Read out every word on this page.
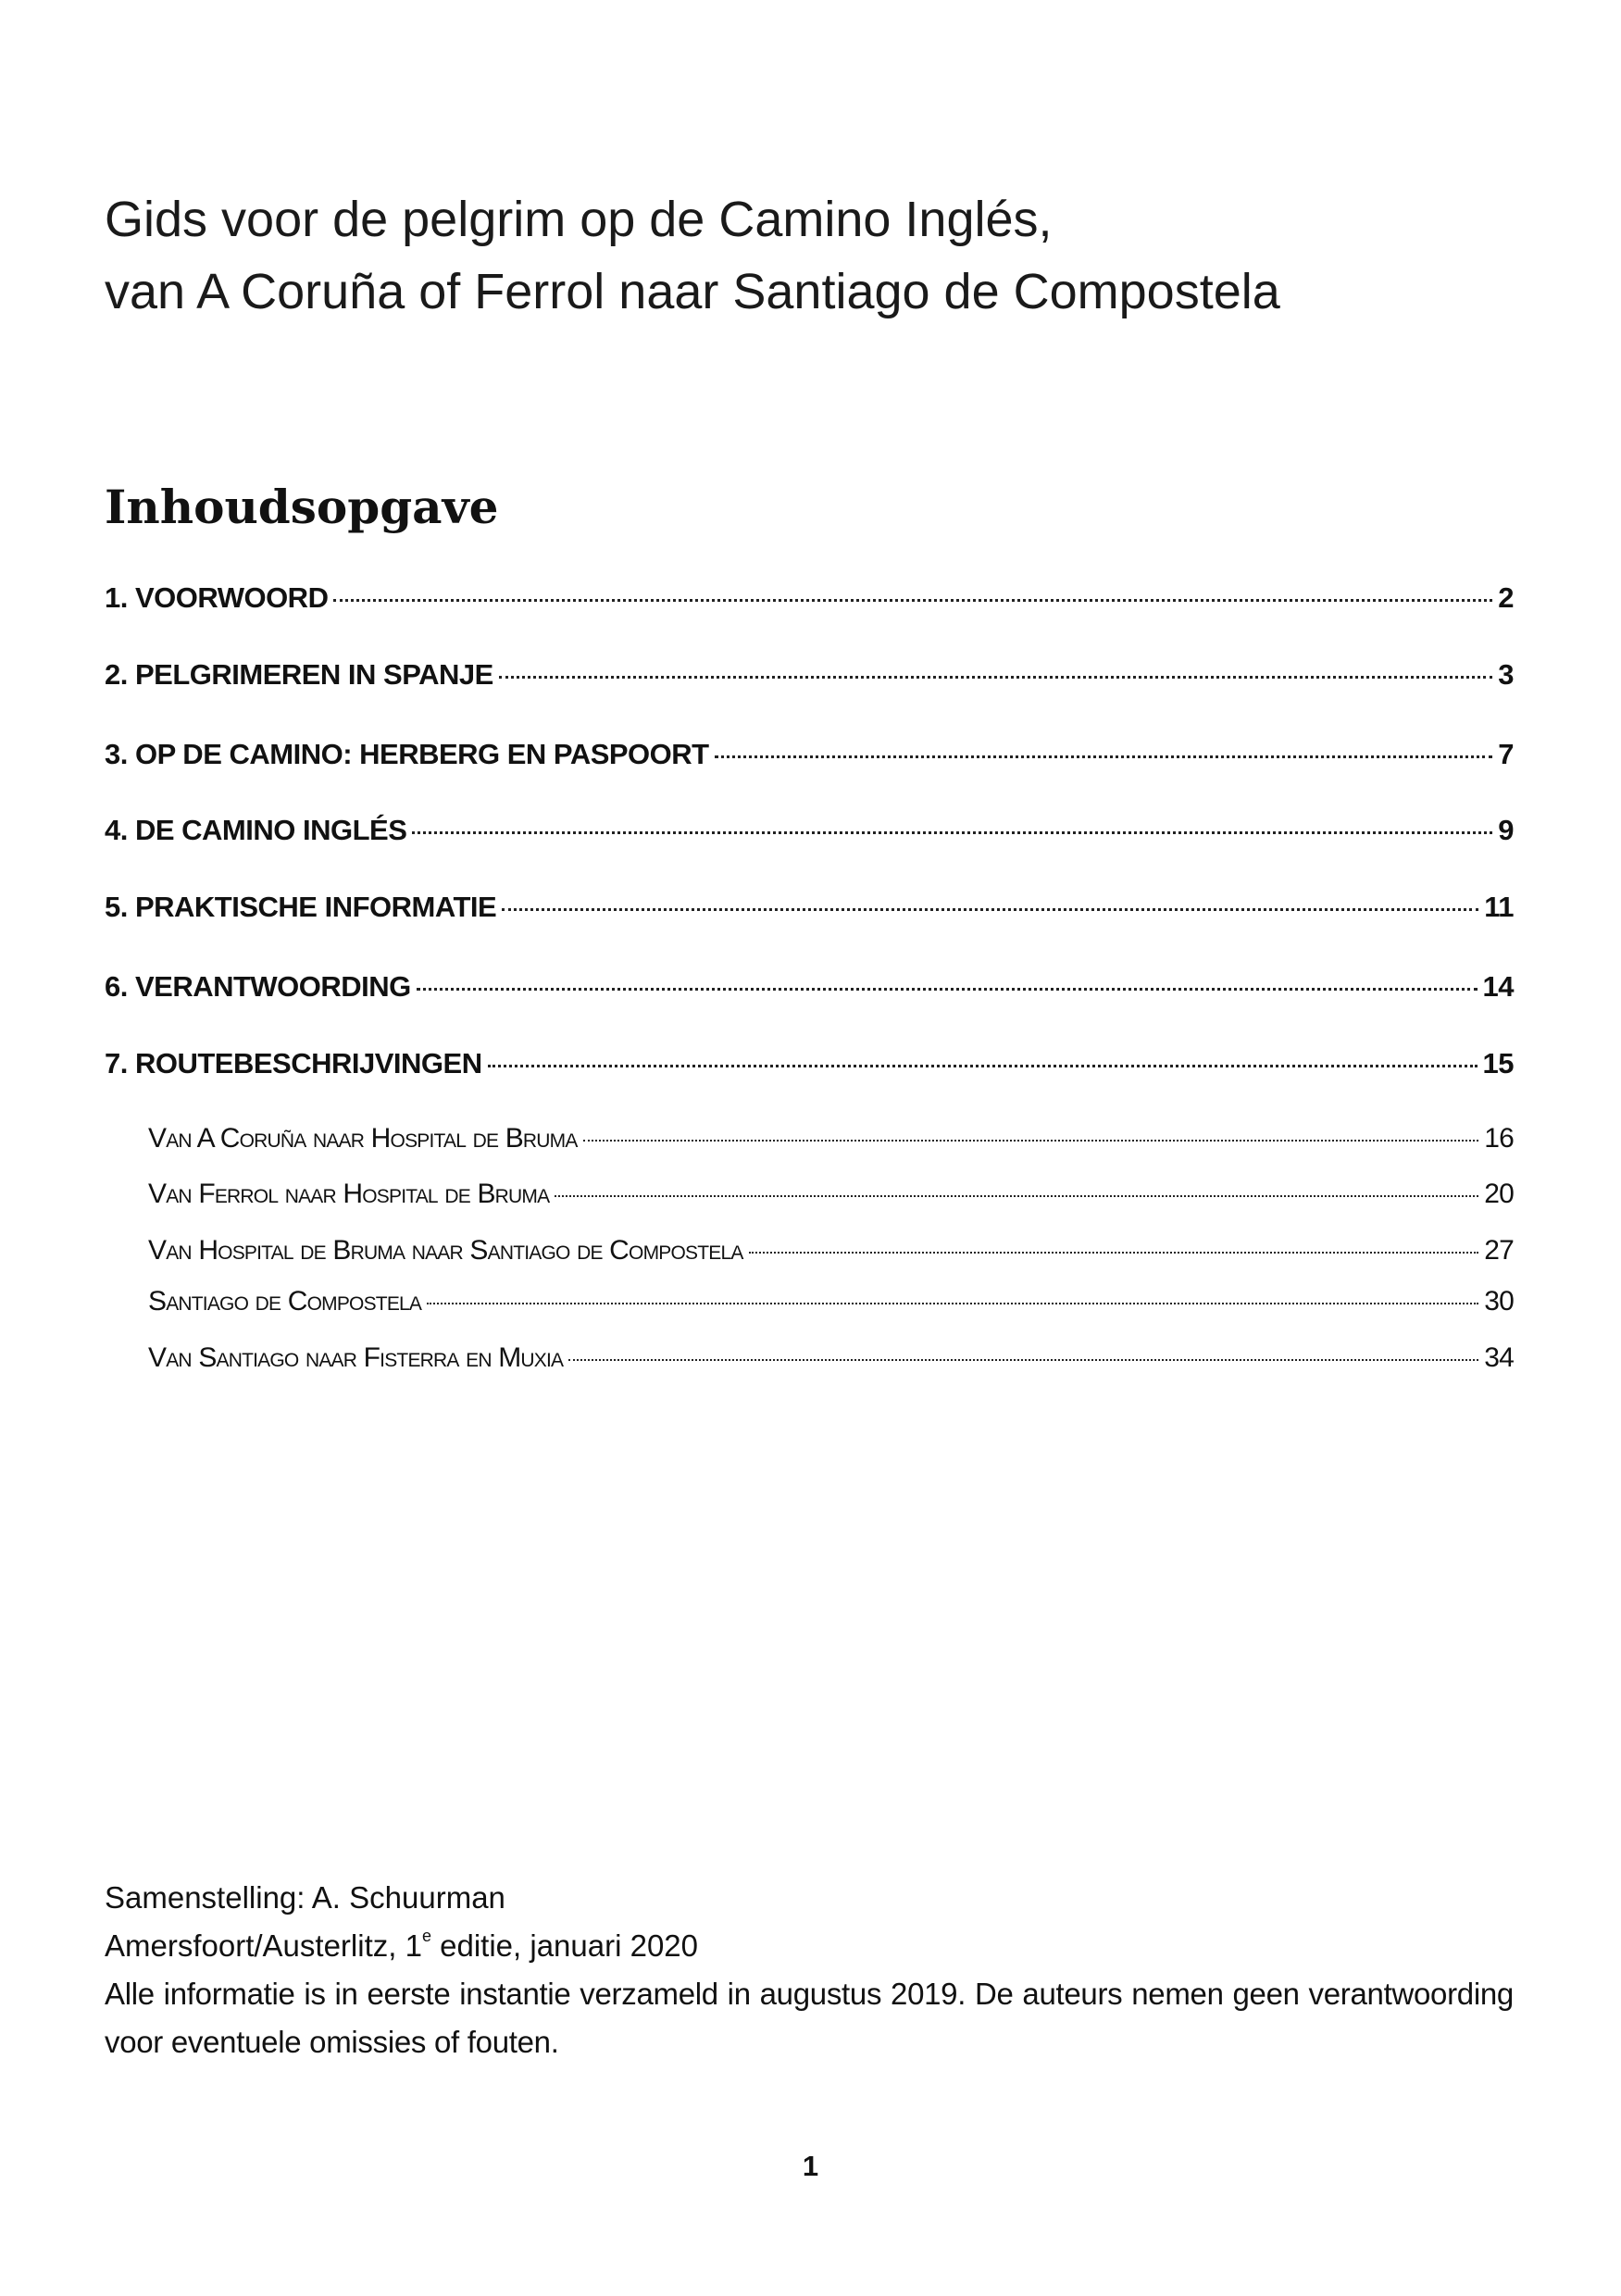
Gids voor de pelgrim op de Camino Inglés,
van A Coruña of Ferrol naar Santiago de Compostela
Inhoudsopgave
1. VOORWOORD	2
2. PELGRIMEREN IN SPANJE	3
3. OP DE CAMINO: HERBERG EN PASPOORT	7
4. DE CAMINO INGLÉS	9
5. PRAKTISCHE INFORMATIE	11
6. VERANTWOORDING	14
7. ROUTEBESCHRIJVINGEN	15
Van A Coruña naar Hospital de Bruma	16
Van Ferrol naar Hospital de Bruma	20
Van Hospital de Bruma naar Santiago de Compostela	27
Santiago de Compostela	30
Van Santiago naar Fisterra en Muxia	34
Samenstelling: A. Schuurman
Amersfoort/Austerlitz, 1e editie, januari 2020
Alle informatie is in eerste instantie verzameld in augustus 2019. De auteurs nemen geen verantwoording voor eventuele omissies of fouten.
1
